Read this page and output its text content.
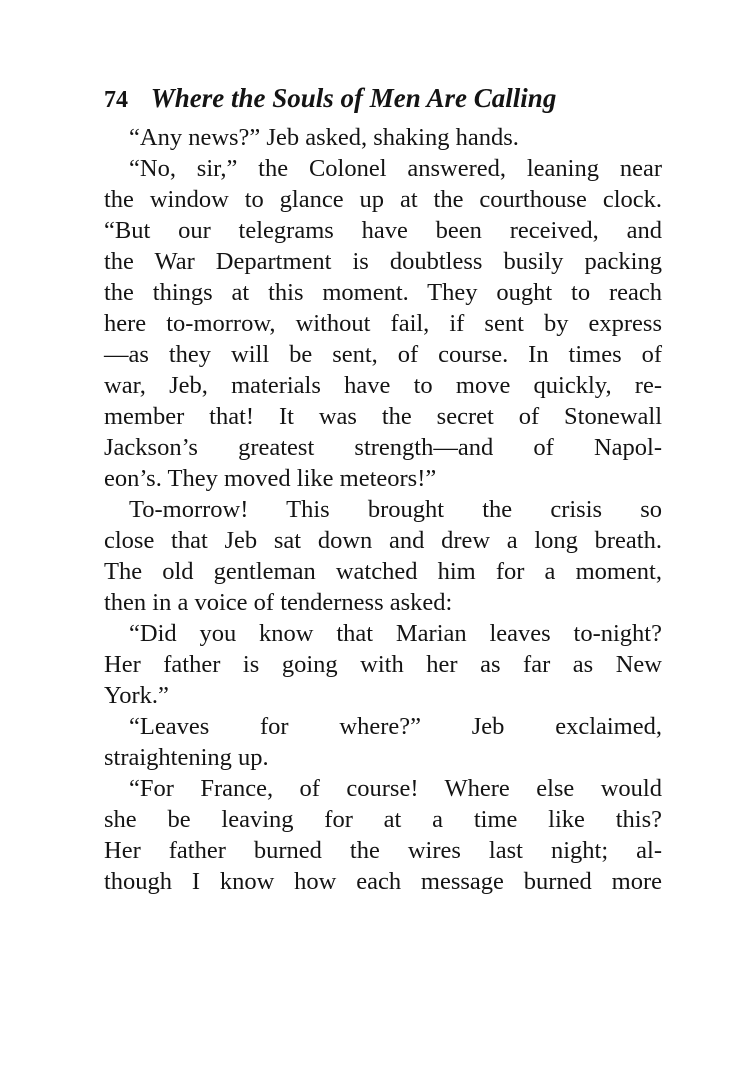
74 Where the Souls of Men Are Calling
“Any news?” Jeb asked, shaking hands.
“No, sir,” the Colonel answered, leaning near
the window to glance up at the courthouse clock.
“But our telegrams have been received, and
the War Department is doubtless busily packing
the things at this moment. They ought to reach
here to-morrow, without fail, if sent by express
—as they will be sent, of course. In times of
war, Jeb, materials have to move quickly, re-
member that! It was the secret of Stonewall
Jackson’s greatest strength—and of Napol-
eon’s. They moved like meteors!”
To-morrow! This brought the crisis so
close that Jeb sat down and drew a long breath.
The old gentleman watched him for a moment,
then in a voice of tenderness asked:
“Did you know that Marian leaves to-night?
Her father is going with her as far as New
York.”
“Leaves for where?” Jeb exclaimed,
straightening up.
“For France, of course! Where else would
she be leaving for at a time like this?
Her father burned the wires last night; al-
though I know how each message burned more
